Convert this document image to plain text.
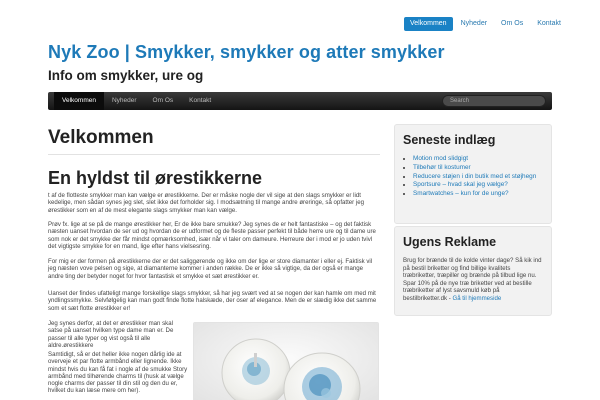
Velkommen	Nyheder	Om Os	Kontakt
Nyk Zoo | Smykker, smykker og atter smykker
Info om smykker, ure og
Velkommen	Nyheder	Om Os	Kontakt	Search
Velkommen
En hyldst til ørestikkerne

t af de flotteste smykker man kan vælge er ørestikkerne. Der er måske nogle der vil sige at den slags smykker er lidt kedelige, men sådan synes jeg slet, slet ikke det forholder sig. I modsætning til mange andre øreringe, så opfatter jeg ørestikker som en af de mest elegante slags smykker man kan vælge.

Prøv fx. lige at se på de mange ørestikker her, Er de ikke bare smukke? Jeg synes de er helt fantastiske – og det faktisk næsten uanset hvordan de ser ud og hvordan de er udformet og de fleste passer perfekt til både herre ure og til dame ure som nok er det smykke der får mindst opmærksomhed, især når vi taler om dameure. Herreure der i mod er jo uden tvivl det vigtigste smykke for en mand, lige efter hans vielsesring.

For mig er der formen på ørestikkerne der er det saliggørende og ikke om der lige er store diamanter i eller ej. Faktisk vil jeg næsten vove pelsen og sige, at diamanterne kommer i anden række. De er ikke så vigtige, da der også er mange andre ting der betyder noget for hvor fantastisk et smykke et sæt ørestikker er.

Uanset der findes ufatteligt mange forskellige slags smykker, så har jeg svært ved at se nogen der kan hamle om med mit yndlingssmykke. Selvfølgelig kan man godt finde flotte halskæde, der oser af elegance. Men de er slædig ikke det samme som et sæt flotte ørestikker er!

Jeg synes derfor, at det er ørestikker man skal satse på uanset hvilken type dame man er. De passer til alle typer og vist også til alle aldre.ørestikkere

Samtidigt, så er det heller ikke nogen dårlig ide at overveje et par flotte armbånd eller lignende. Ikke mindst hvis du kan få fat i nogle af de smukke Story armbånd med tilhørende charms til (husk at vælge nogle charms der passer til din stil og den du er, hvilket du kan læse mere om her).

Seneste indlæg
• Motion mod slidgigt
• Tilbehør til kostumer
• Reducere støjen i din butik med et støjhegn
• Sportsure – hvad skal jeg vælge?
• Smartwatches – kun for de unge?
Ugens Reklame

Brug for brænde til de kolde vinter dage? Så kik ind på bestil briketter og find billige kvalitets træbriketter, træpiller og brænde på tilbud lige nu. Spar 10% på de nye træ briketter ved at bestille træbriketter af lyst savsmuld køb på bestilbriketter.dk - Gå til hjemmeside
